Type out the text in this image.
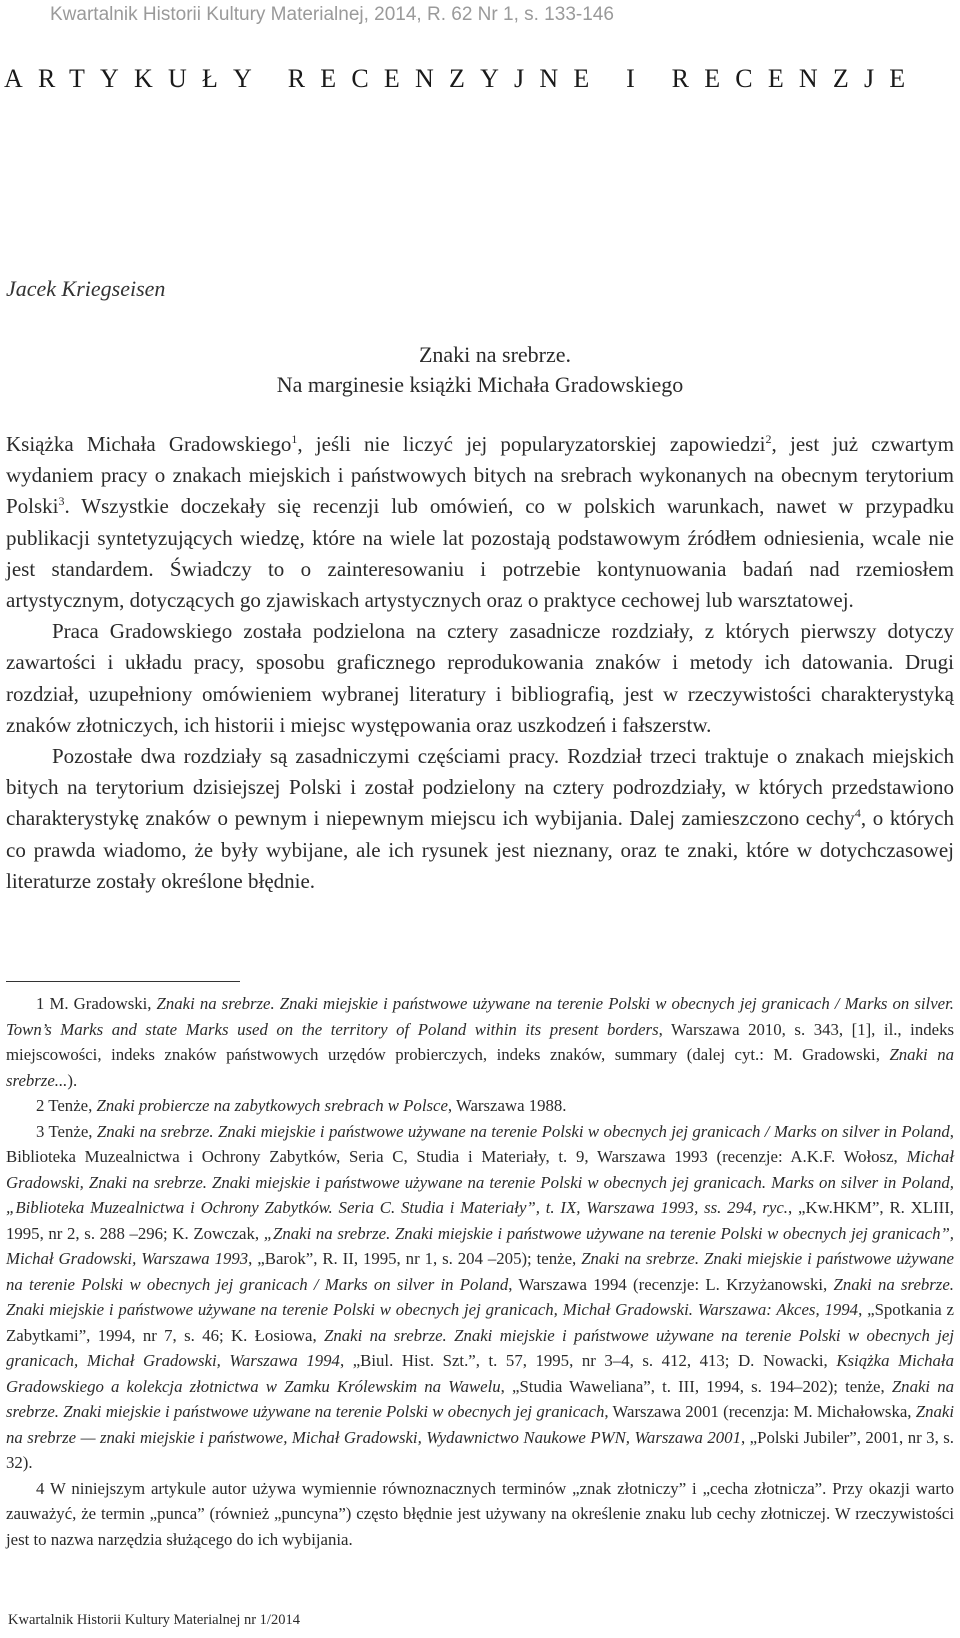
Kwartalnik Historii Kultury Materialnej, 2014, R. 62 Nr 1, s. 133-146
ARTYKUŁY RECENZYJNE I RECENZJE
Jacek Kriegseisen
Znaki na srebrze.
Na marginesie książki Michała Gradowskiego

Książka Michała Gradowskiego$^1$, jeśli nie liczyć jej popularyzatorskiej zapowiedzi$^2$, jest już czwartym wydaniem pracy o znakach miejskich i państwowych bitych na srebrach wykonanych na obecnym terytorium Polski$^3$. Wszystkie doczekały się recenzji lub omówień, co w polskich warunkach, nawet w przypadku publikacji syntetyzujących wiedzę, które na wiele lat pozostają podstawowym źródłem odniesienia, wcale nie jest standardem. Świadczy to o zainteresowaniu i potrzebie kontynuowania badań nad rzemiosłem artystycznym, dotyczących go zjawiskach artystycznych oraz o praktyce cechowej lub warsztatowej.

Praca Gradowskiego została podzielona na cztery zasadnicze rozdziały, z których pierwszy dotyczy zawartości i układu pracy, sposobu graficznego reprodukowania znaków i metody ich datowania. Drugi rozdział, uzupełniony omówieniem wybranej literatury i bibliografią, jest w rzeczywistości charakterystyką znaków złotniczych, ich historii i miejsc występowania oraz uszkodzeń i fałszerstw.

Pozostałe dwa rozdziały są zasadniczymi częściami pracy. Rozdział trzeci traktuje o znakach miejskich bitych na terytorium dzisiejszej Polski i został podzielony na cztery podrozdziały, w których przedstawiono charakterystykę znaków o pewnym i niepewnym miejscu ich wybijania. Dalej zamieszczono cechy$^4$, o których co prawda wiadomo, że były wybijane, ale ich rysunek jest nieznany, oraz te znaki, które w dotychczasowej literaturze zostały określone błędnie.

1 M. Gradowski, Znaki na srebrze. Znaki miejskie i państwowe używane na terenie Polski w obecnych jej granicach / Marks on silver. Town’s Marks and state Marks used on the territory of Poland within its present borders, Warszawa 2010, s. 343, [1], il., indeks miejscowości, indeks znaków państwowych urzędów probierczych, indeks znaków, summary (dalej cyt.: M. Gradowski, Znaki na srebrze...).

2 Tenże, Znaki probiercze na zabytkowych srebrach w Polsce, Warszawa 1988.

3 Tenże, Znaki na srebrze. Znaki miejskie i państwowe używane na terenie Polski w obecnych jej granicach / Marks on silver in Poland, Biblioteka Muzealnictwa i Ochrony Zabytków, Seria C, Studia i Materiały, t. 9, Warszawa 1993 (recenzje: A.K.F. Wołosz, Michał Gradowski, Znaki na srebrze. Znaki miejskie i państwowe używane na terenie Polski w obecnych jej granicach. Marks on silver in Poland, „Biblioteka Muzealnictwa i Ochrony Zabytków. Seria C. Studia i Materiały”, t. IX, Warszawa 1993, ss. 294, ryc., „Kw.HKM”, R. XLIII, 1995, nr 2, s. 288 –296; K. Zowczak, „Znaki na srebrze. Znaki miejskie i państwowe używane na terenie Polski w obecnych jej granicach”, Michał Gradowski, Warszawa 1993, „Barok”, R. II, 1995, nr 1, s. 204 –205); tenże, Znaki na srebrze. Znaki miejskie i państwowe używane na terenie Polski w obecnych jej granicach / Marks on silver in Poland, Warszawa 1994 (recenzje: L. Krzyżanowski, Znaki na srebrze. Znaki miejskie i państwowe używane na terenie Polski w obecnych jej granicach, Michał Gradowski. Warszawa: Akces, 1994, „Spotkania z Zabytkami”, 1994, nr 7, s. 46; K. Łosiowa, Znaki na srebrze. Znaki miejskie i państwowe używane na terenie Polski w obecnych jej granicach, Michał Gradowski, Warszawa 1994, „Biul. Hist. Szt.”, t. 57, 1995, nr 3–4, s. 412, 413; D. Nowacki, Książka Michała Gradowskiego a kolekcja złotnictwa w Zamku Królewskim na Wawelu, „Studia Waweliana”, t. III, 1994, s. 194–202); tenże, Znaki na srebrze. Znaki miejskie i państwowe używane na terenie Polski w obecnych jej granicach, Warszawa 2001 (recenzja: M. Michałowska, Znaki na srebrze — znaki miejskie i państwowe, Michał Gradowski, Wydawnictwo Naukowe PWN, Warszawa 2001, „Polski Jubiler”, 2001, nr 3, s. 32).

4 W niniejszym artykule autor używa wymiennie równoznacznych terminów „znak złotniczy” i „cecha złotnicza”. Przy okazji warto zauważyć, że termin „punca” (również „puncyna”) często błędnie jest używany na określenie znaku lub cechy złotniczej. W rzeczywistości jest to nazwa narzędzia służącego do ich wybijania.

Kwartalnik Historii Kultury Materialnej nr 1/2014
